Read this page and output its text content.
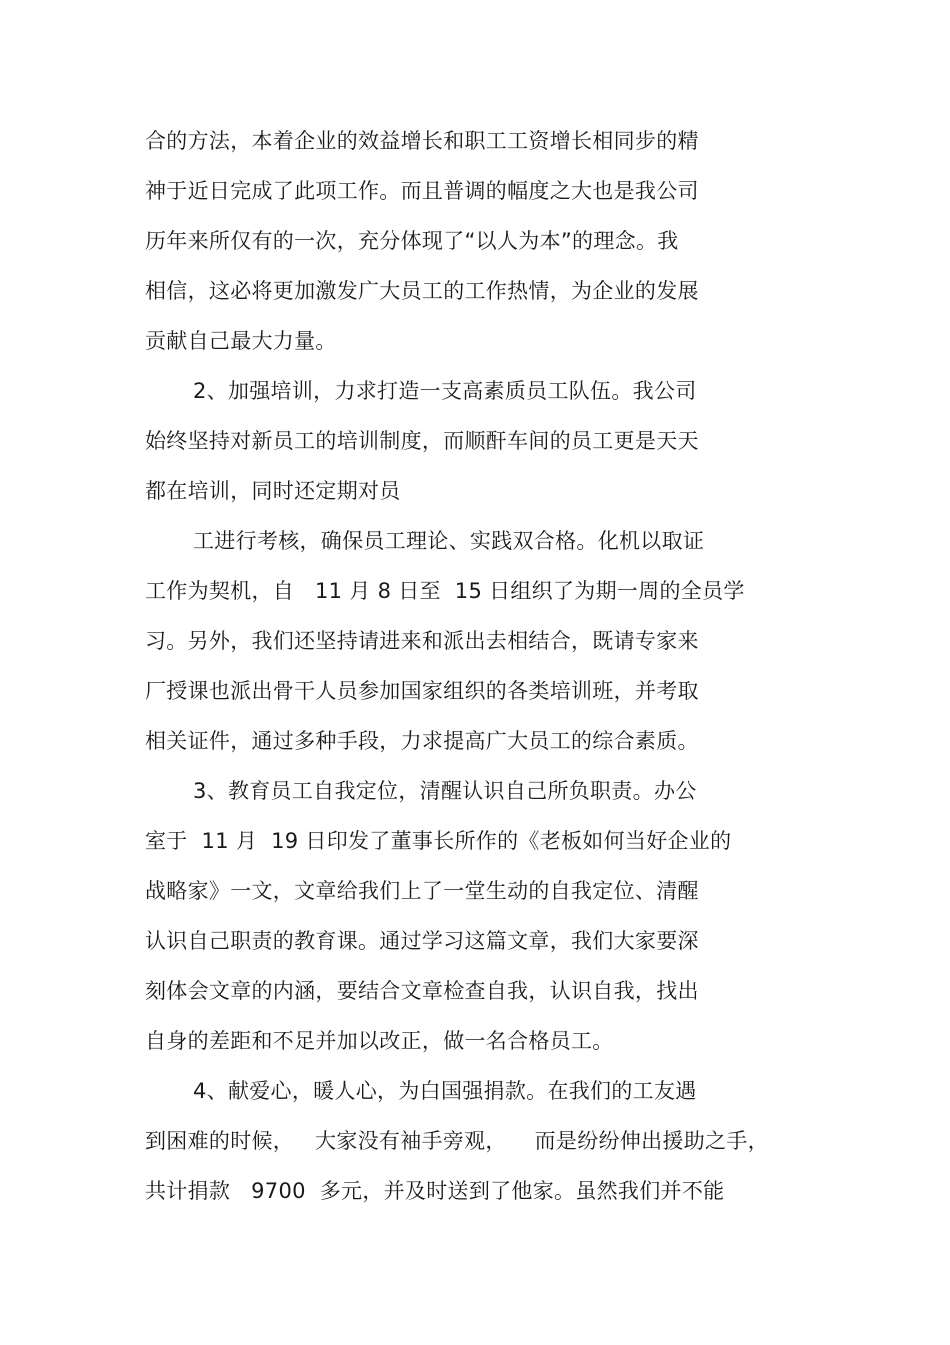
合的方法，本着企业的效益增长和职工工资增长相同步的精
神于近日完成了此项工作。而且普调的幅度之大也是我公司
历年来所仅有的一次，充分体现了“以人为本”的理念。我
相信，这必将更加激发广大员工的工作热情，为企业的发展
贡献自己最大力量。
2、加强培训，力求打造一支高素质员工队伍。我公司
始终坚持对新员工的培训制度，而顺酐车间的员工更是天天
都在培训，同时还定期对员
工进行考核，确保员工理论、实践双合格。化机以取证
工作为契机，自   11 月 8 日至  15 日组织了为期一周的全员学
习。另外，我们还坚持请进来和派出去相结合，既请专家来
厂授课也派出骨干人员参加国家组织的各类培训班，并考取
相关证件，通过多种手段，力求提高广大员工的综合素质。
3、教育员工自我定位，清醒认识自己所负职责。办公
室于  11 月  19 日印发了董事长所作的《老板如何当好企业的
战略家》一文，文章给我们上了一堂生动的自我定位、清醒
认识自己职责的教育课。通过学习这篇文章，我们大家要深
刻体会文章的内涵，要结合文章检查自我，认识自我，找出
自身的差距和不足并加以改正，做一名合格员工。
4、献爱心，暖人心，为白国强捐款。在我们的工友遇
到困难的时候，   大家没有袖手旁观，    而是纷纷伸出援助之手，
共计捐款   9700  多元，并及时送到了他家。虽然我们并不能
